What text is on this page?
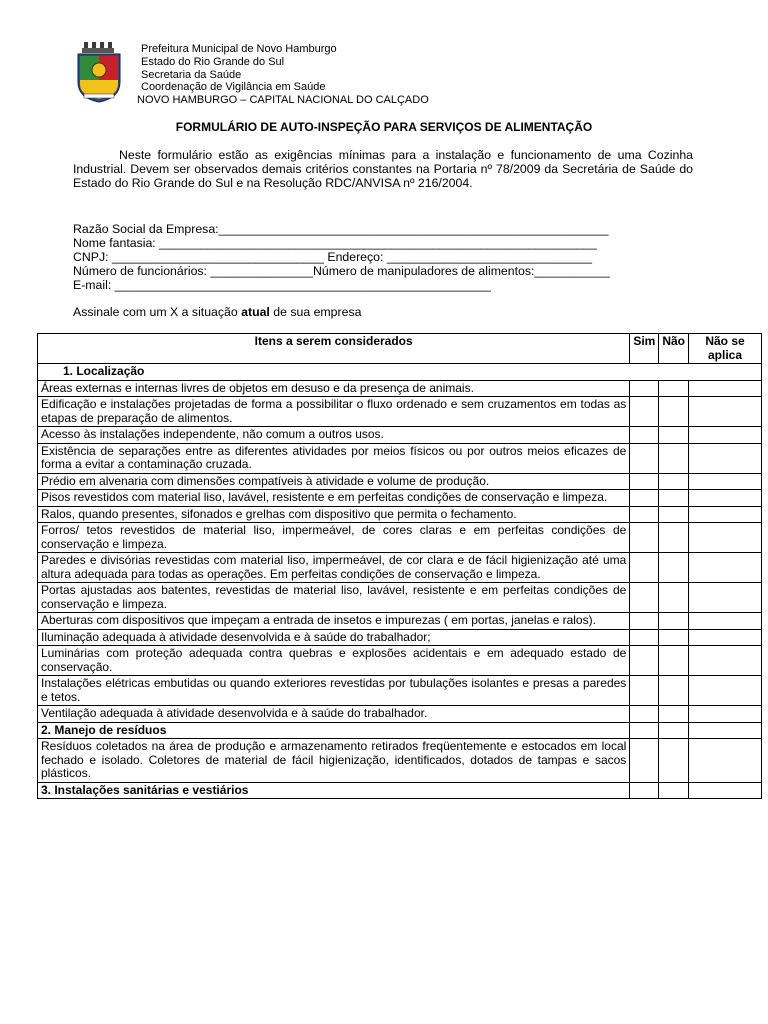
Prefeitura Municipal de Novo Hamburgo
Estado do Rio Grande do Sul
Secretaria da Saúde
Coordenação de Vigilância em Saúde
NOVO HAMBURGO – CAPITAL NACIONAL DO CALÇADO
FORMULÁRIO DE AUTO-INSPEÇÃO PARA SERVIÇOS DE ALIMENTAÇÃO

Neste formulário estão as exigências mínimas para a instalação e funcionamento de uma Cozinha Industrial. Devem ser observados demais critérios constantes na Portaria nº 78/2009 da Secretária de Saúde do Estado do Rio Grande do Sul e na Resolução RDC/ANVISA nº 216/2004.

Razão Social da Empresa:_________________________________________________________
Nome fantasia: ________________________________________________________________
CNPJ: _______________________________ Endereço: ______________________________
Número de funcionários: _______________Número de manipuladores de alimentos:___________
E-mail: _______________________________________________________
Assinale com um X a situação atual de sua empresa
Itens a serem considerados	Sim	Não	Não se aplica
1. Localização			
Áreas externas e internas livres de objetos em desuso e da presença de animais.			
Edificação e instalações projetadas de forma a possibilitar o fluxo ordenado e sem cruzamentos em todas as etapas de preparação de alimentos.			
Acesso às instalações independente, não comum a outros usos.			
Existência de separações entre as diferentes atividades por meios físicos ou por outros meios eficazes de forma a evitar a contaminação cruzada.			
Prédio em alvenaria com dimensões compatíveis à atividade e volume de produção.			
Pisos revestidos com material liso, lavável, resistente e em perfeitas condições de conservação e limpeza.			
Ralos, quando presentes, sifonados e grelhas com dispositivo que permita o fechamento.			
Forros/ tetos revestidos de material liso, impermeável, de cores claras e em perfeitas condições de conservação e limpeza.			
Paredes e divisórias revestidas com material liso, impermeável, de cor clara e de fácil higienização até uma altura adequada para todas as operações. Em perfeitas condições de conservação e limpeza.			
Portas ajustadas aos batentes, revestidas de material liso, lavável, resistente e em perfeitas condições de conservação e limpeza.			
Aberturas com dispositivos que impeçam a entrada de insetos e impurezas ( em portas, janelas e ralos).			
Iluminação adequada à atividade desenvolvida e à saúde do trabalhador;			
Luminárias com proteção adequada contra quebras e explosões acidentais e em adequado estado de conservação.			
Instalações elétricas embutidas ou quando exteriores revestidas por tubulações isolantes e presas a paredes e tetos.			
Ventilação adequada à atividade desenvolvida e à saúde do trabalhador.			
2. Manejo de resíduos			
Resíduos coletados na área de produção e armazenamento retirados freqüentemente e estocados em local fechado e isolado. Coletores de material de fácil higienização, identificados, dotados de tampas e sacos plásticos.			
3. Instalações sanitárias e vestiários			
